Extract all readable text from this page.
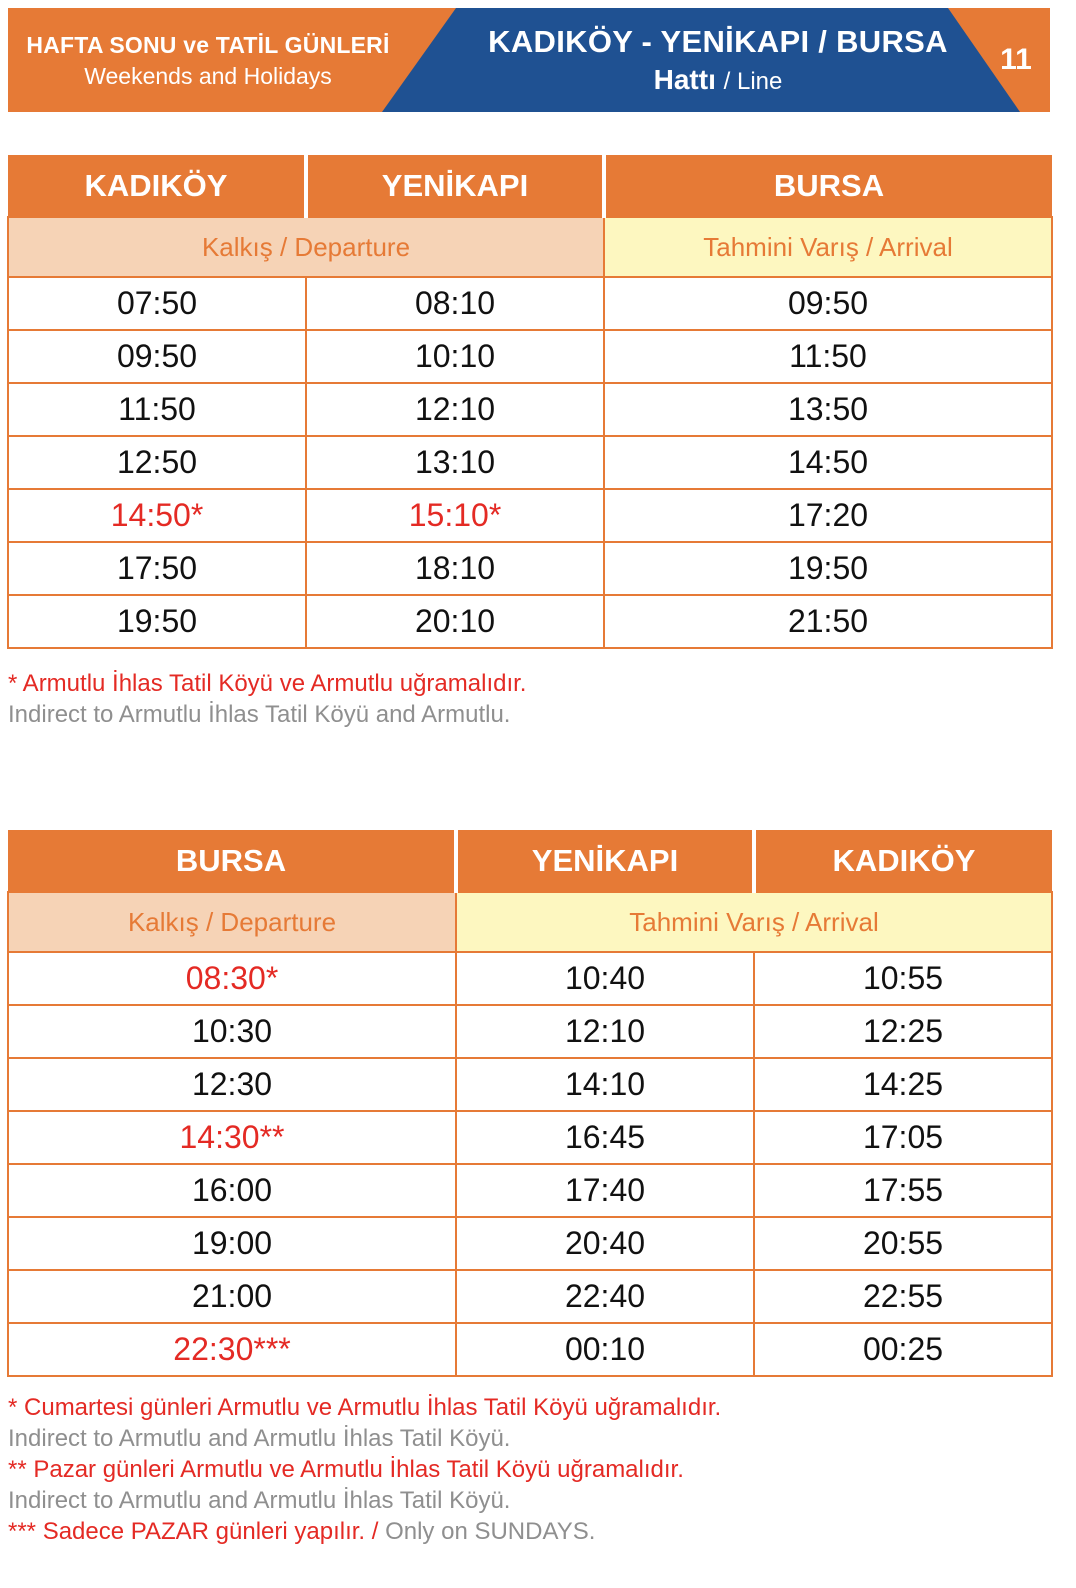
HAFTA SONU ve TATİL GÜNLERİ
Weekends and Holidays
KADIKÖY - YENİKAPI / BURSA
Hattı / Line
11
KADIKÖY	YENİKAPI	BURSA
Kalkış / Departure		Tahmini Varış / Arrival
07:50	08:10	09:50
09:50	10:10	11:50
11:50	12:10	13:50
12:50	13:10	14:50
14:50*	15:10*	17:20
17:50	18:10	19:50
19:50	20:10	21:50
* Armutlu İhlas Tatil Köyü ve Armutlu uğramalıdır.
Indirect to Armutlu İhlas Tatil Köyü and Armutlu.
BURSA	YENİKAPI	KADIKÖY
Kalkış / Departure	Tahmini Varış / Arrival	
08:30*	10:40	10:55
10:30	12:10	12:25
12:30	14:10	14:25
14:30**	16:45	17:05
16:00	17:40	17:55
19:00	20:40	20:55
21:00	22:40	22:55
22:30***	00:10	00:25
* Cumartesi günleri Armutlu ve Armutlu İhlas Tatil Köyü uğramalıdır.
Indirect to Armutlu and Armutlu İhlas Tatil Köyü.
** Pazar günleri Armutlu ve Armutlu İhlas Tatil Köyü uğramalıdır.
Indirect to Armutlu and Armutlu İhlas Tatil Köyü.
*** Sadece PAZAR günleri yapılır. / Only on SUNDAYS.
